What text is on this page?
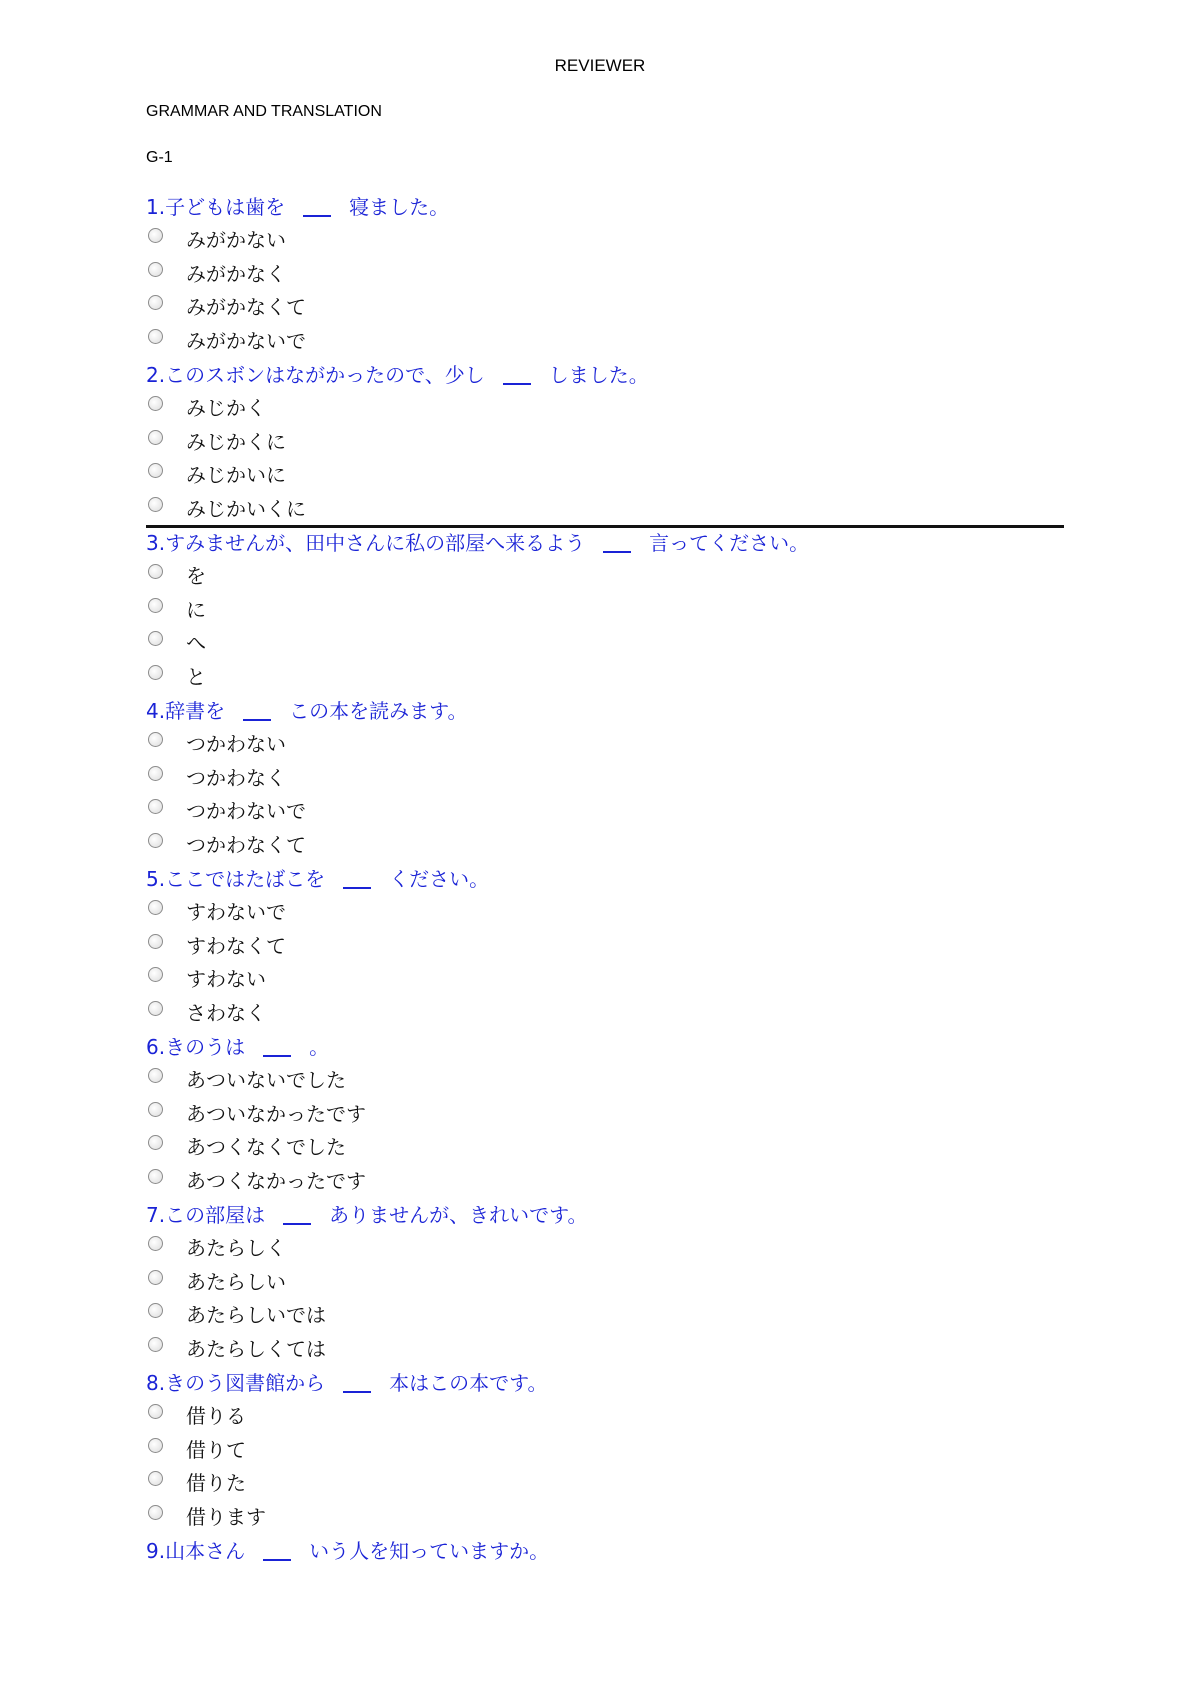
REVIEWER
GRAMMAR AND TRANSLATION
G-1
1.子どもは歯を	寝ました。
みがかない
みがかなく
みがかなくて
みがかないで
2.このスボンはながかったので、少し	しました。
みじかく
みじかくに
みじかいに
みじかいくに
3.すみませんが、田中さんに私の部屋へ来るよう	言ってください。
を
に
へ
と
4.辞書を	この本を読みます。
つかわない
つかわなく
つかわないで
つかわなくて
5.ここではたばこを	ください。
すわないで
すわなくて
すわない
さわなく
6.きのうは	。
あついないでした
あついなかったです
あつくなくでした
あつくなかったです
7.この部屋は	ありませんが、きれいです。
あたらしく
あたらしい
あたらしいでは
あたらしくては
8.きのう図書館から	本はこの本です。
借りる
借りて
借りた
借ります
9.山本さん	いう人を知っていますか。
